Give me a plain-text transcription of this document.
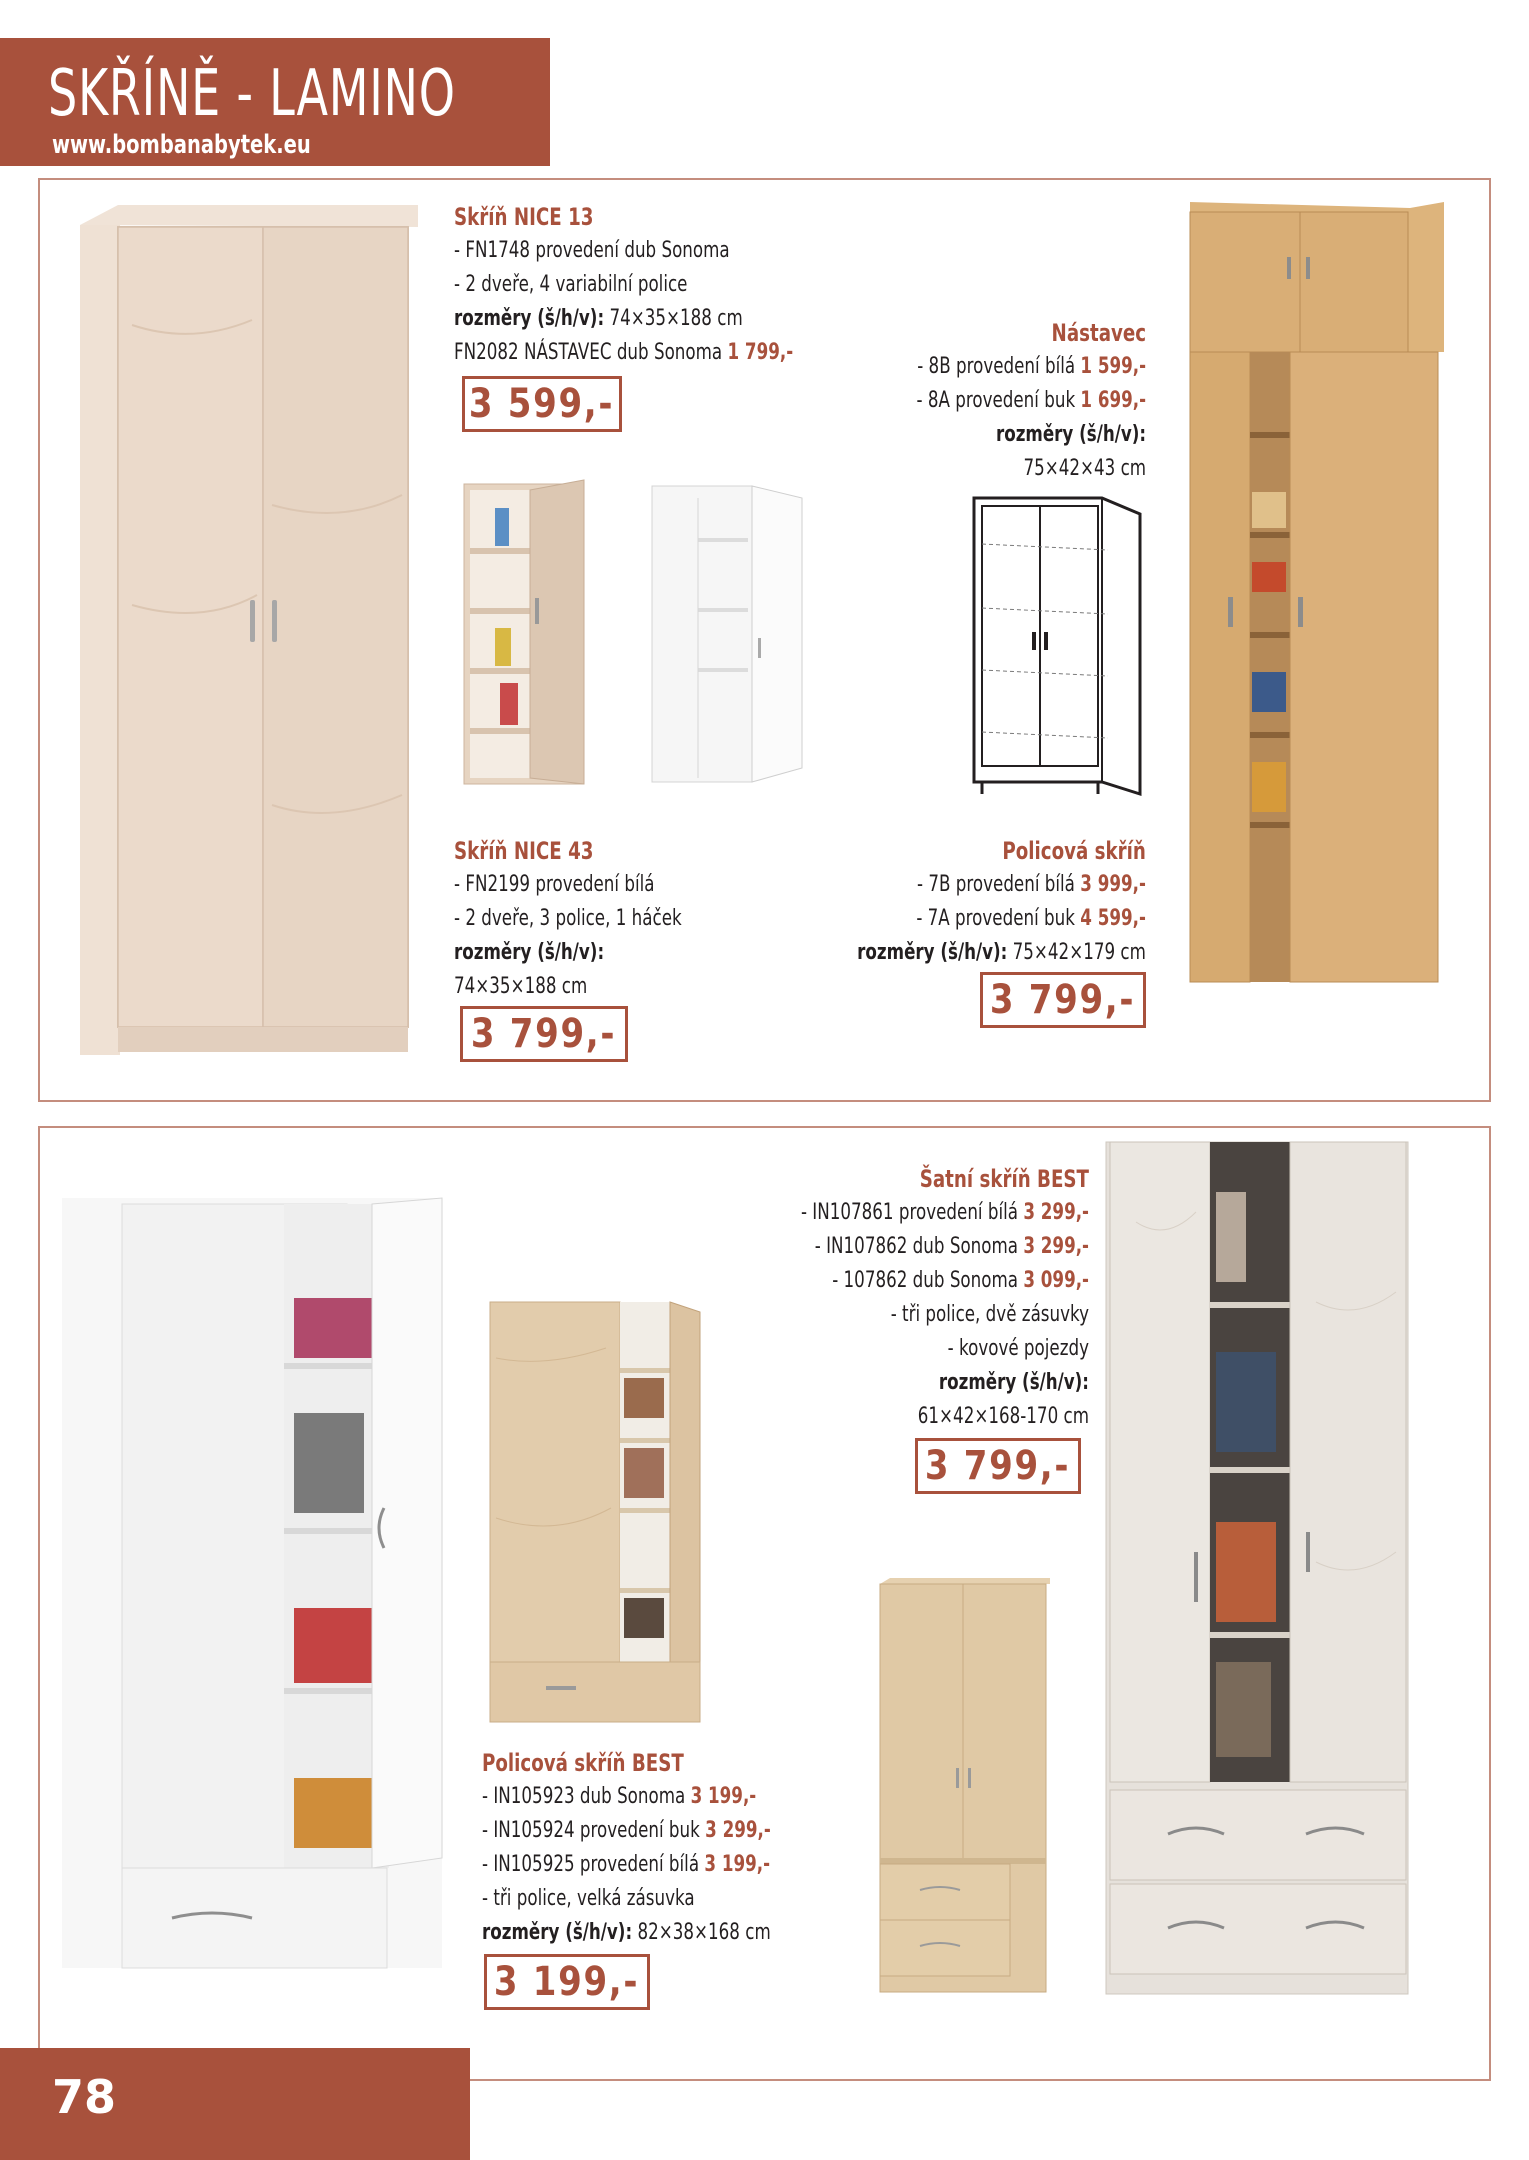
SKŘÍNĚ - LAMINO
www.bombanabytek.eu
Skříň NICE 13
- FN1748 provedení dub Sonoma
- 2 dveře, 4 variabilní police
rozměry (š/h/v): 74×35×188 cm
FN2082 NÁSTAVEC dub Sonoma 1 799,-
3 599,-
Nástavec
- 8B provedení bílá 1 599,-
- 8A provedení buk 1 699,-
rozměry (š/h/v):
75×42×43 cm
Skříň NICE 43
- FN2199 provedení bílá
- 2 dveře, 3 police, 1 háček
rozměry (š/h/v):
74×35×188 cm
3 799,-
Policová skříň
- 7B provedení bílá 3 999,-
- 7A provedení buk 4 599,-
rozměry (š/h/v): 75×42×179 cm
3 799,-
Šatní skříň BEST
- IN107861 provedení bílá 3 299,-
- IN107862 dub Sonoma 3 299,-
- 107862 dub Sonoma 3 099,-
- tři police, dvě zásuvky
- kovové pojezdy
rozměry (š/h/v):
61×42×168-170 cm
3 799,-
Policová skříň BEST
- IN105923 dub Sonoma 3 199,-
- IN105924 provedení buk 3 299,-
- IN105925 provedení bílá 3 199,-
- tři police, velká zásuvka
rozměry (š/h/v): 82×38×168 cm
3 199,-
78
